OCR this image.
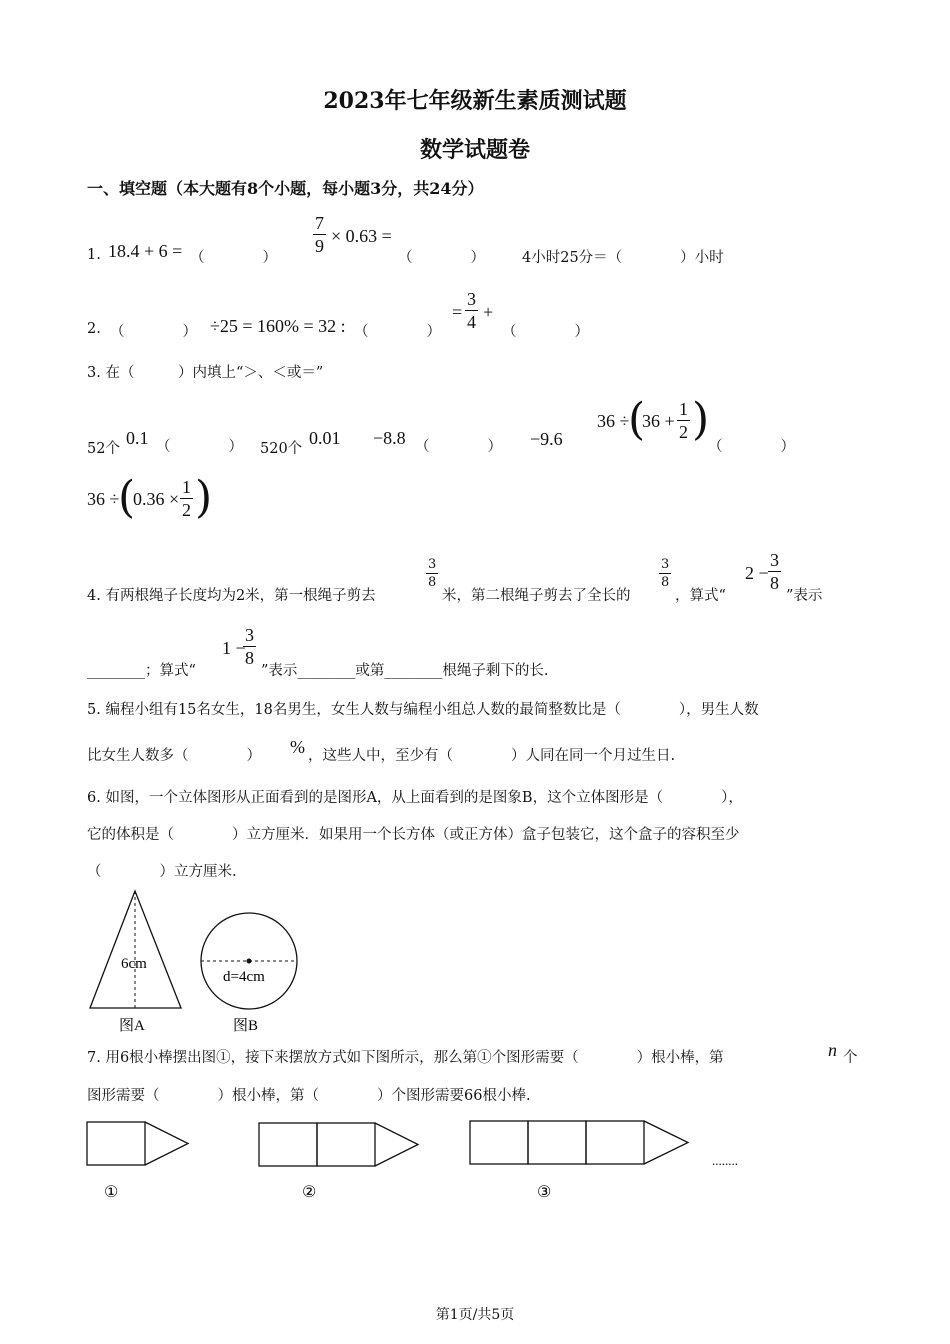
2023年七年级新生素质测试题
数学试题卷
一、填空题（本大题有8个小题，每小题3分，共24分）
1. 18.4 + 6 = （　　　　）
$\frac{7}{9} \times 0.63$ =
（　　　　）	4小时25分＝（　　　　）小时
2. （　　　　） ÷25 = 160% = 32 : （　　　　）
= $\frac{3}{4}$ +
（　　　　）
3. 在（　　　）内填上“＞、＜或＝”
52个
0.1 （　　　　） 520个
0.01 −8.8 （　　　　） −9.6
36 ÷
(
$36 + \frac{1}{2}$ )
（　　　　）
36 ÷
(
$0.36 \times \frac{1}{2}$ )
4. 有两根绳子长度均为2米，第一根绳子剪去
$\frac{3}{8}$
米，第二根绳子剪去了全长的
$\frac{3}{8}$
，算式“
$2 - \frac{3}{8}$
”表示
________；算式“
1 −
$\frac{3}{8}$
”表示________或第________根绳子剩下的长.
5. 编程小组有15名女生，18名男生，女生人数与编程小组总人数的最简整数比是（　　　　），男生人数
比女生人数多（　　　　） % ，这些人中，至少有（　　　　）人同在同一个月过生日.
6. 如图，一个立体图形从正面看到的是图形A，从上面看到的是图象B，这个立体图形是（　　　　），
它的体积是（　　　　）立方厘米．如果用一个长方体（或正方体）盒子包装它，这个盒子的容积至少
（　　　　）立方厘米.
6cm
图A
d=4cm
图B
7. 用6根小棒摆出图①，接下来摆放方式如下图所示，那么第①个图形需要（　　　　）根小棒，第	n 个
图形需要（　　　　）根小棒，第（　　　　）个图形需要66根小棒.
①	②	③
........
第1页/共5页
